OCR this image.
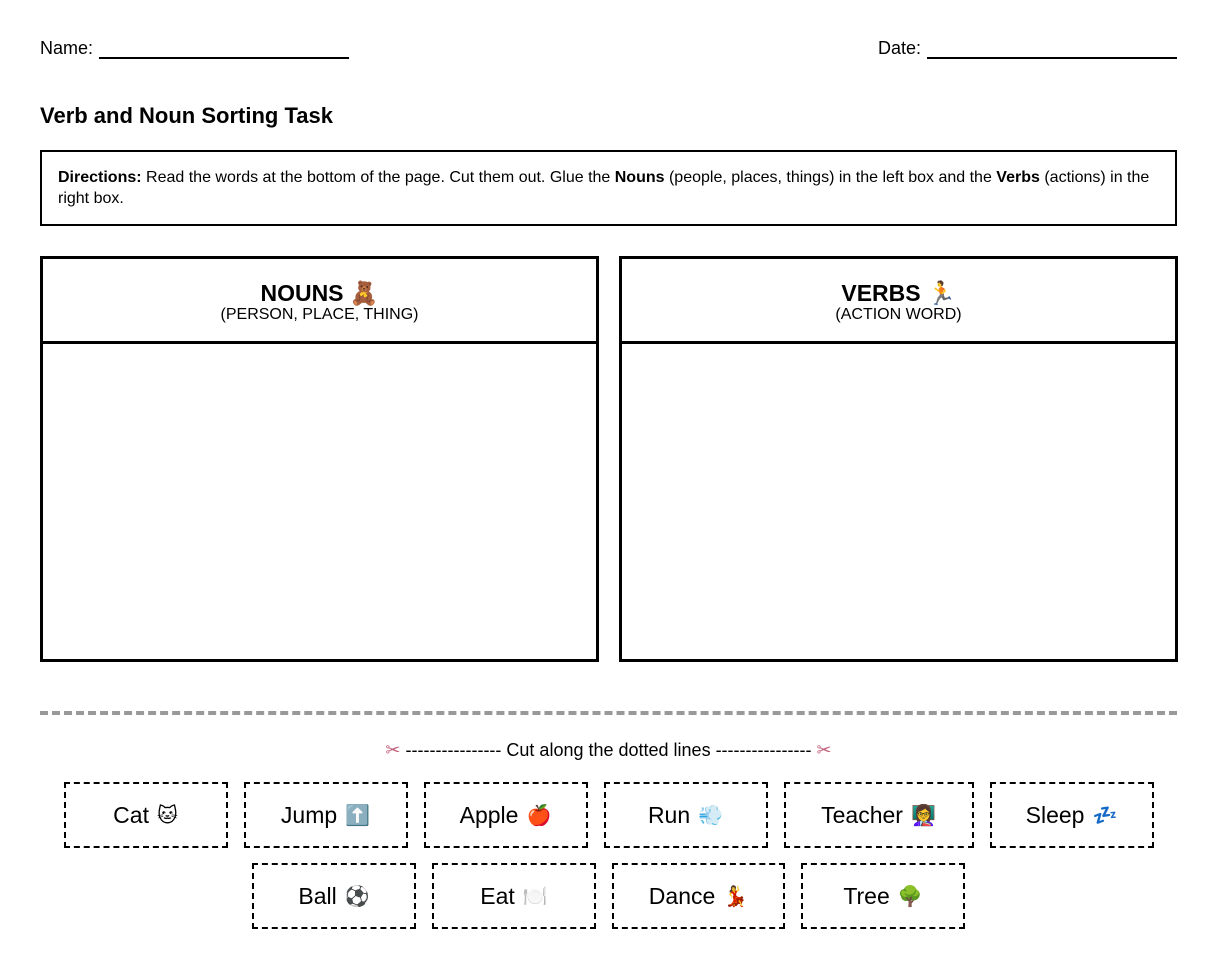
Name:	Date:
Verb and Noun Sorting Task
Directions: Read the words at the bottom of the page. Cut them out. Glue the Nouns (people, places, things) in the left box and the Verbs (actions) in the right box.
NOUNS 🧸
(PERSON, PLACE, THING)
VERBS 🏃
(ACTION WORD)
✂ ---------------- Cut along the dotted lines ---------------- ✂
Cat 🐱	Jump ⬆️	Apple 🍎	Run 💨	Teacher 👩‍🏫	Sleep 💤
Ball ⚽	Eat 🍽️	Dance 💃	Tree 🌳
